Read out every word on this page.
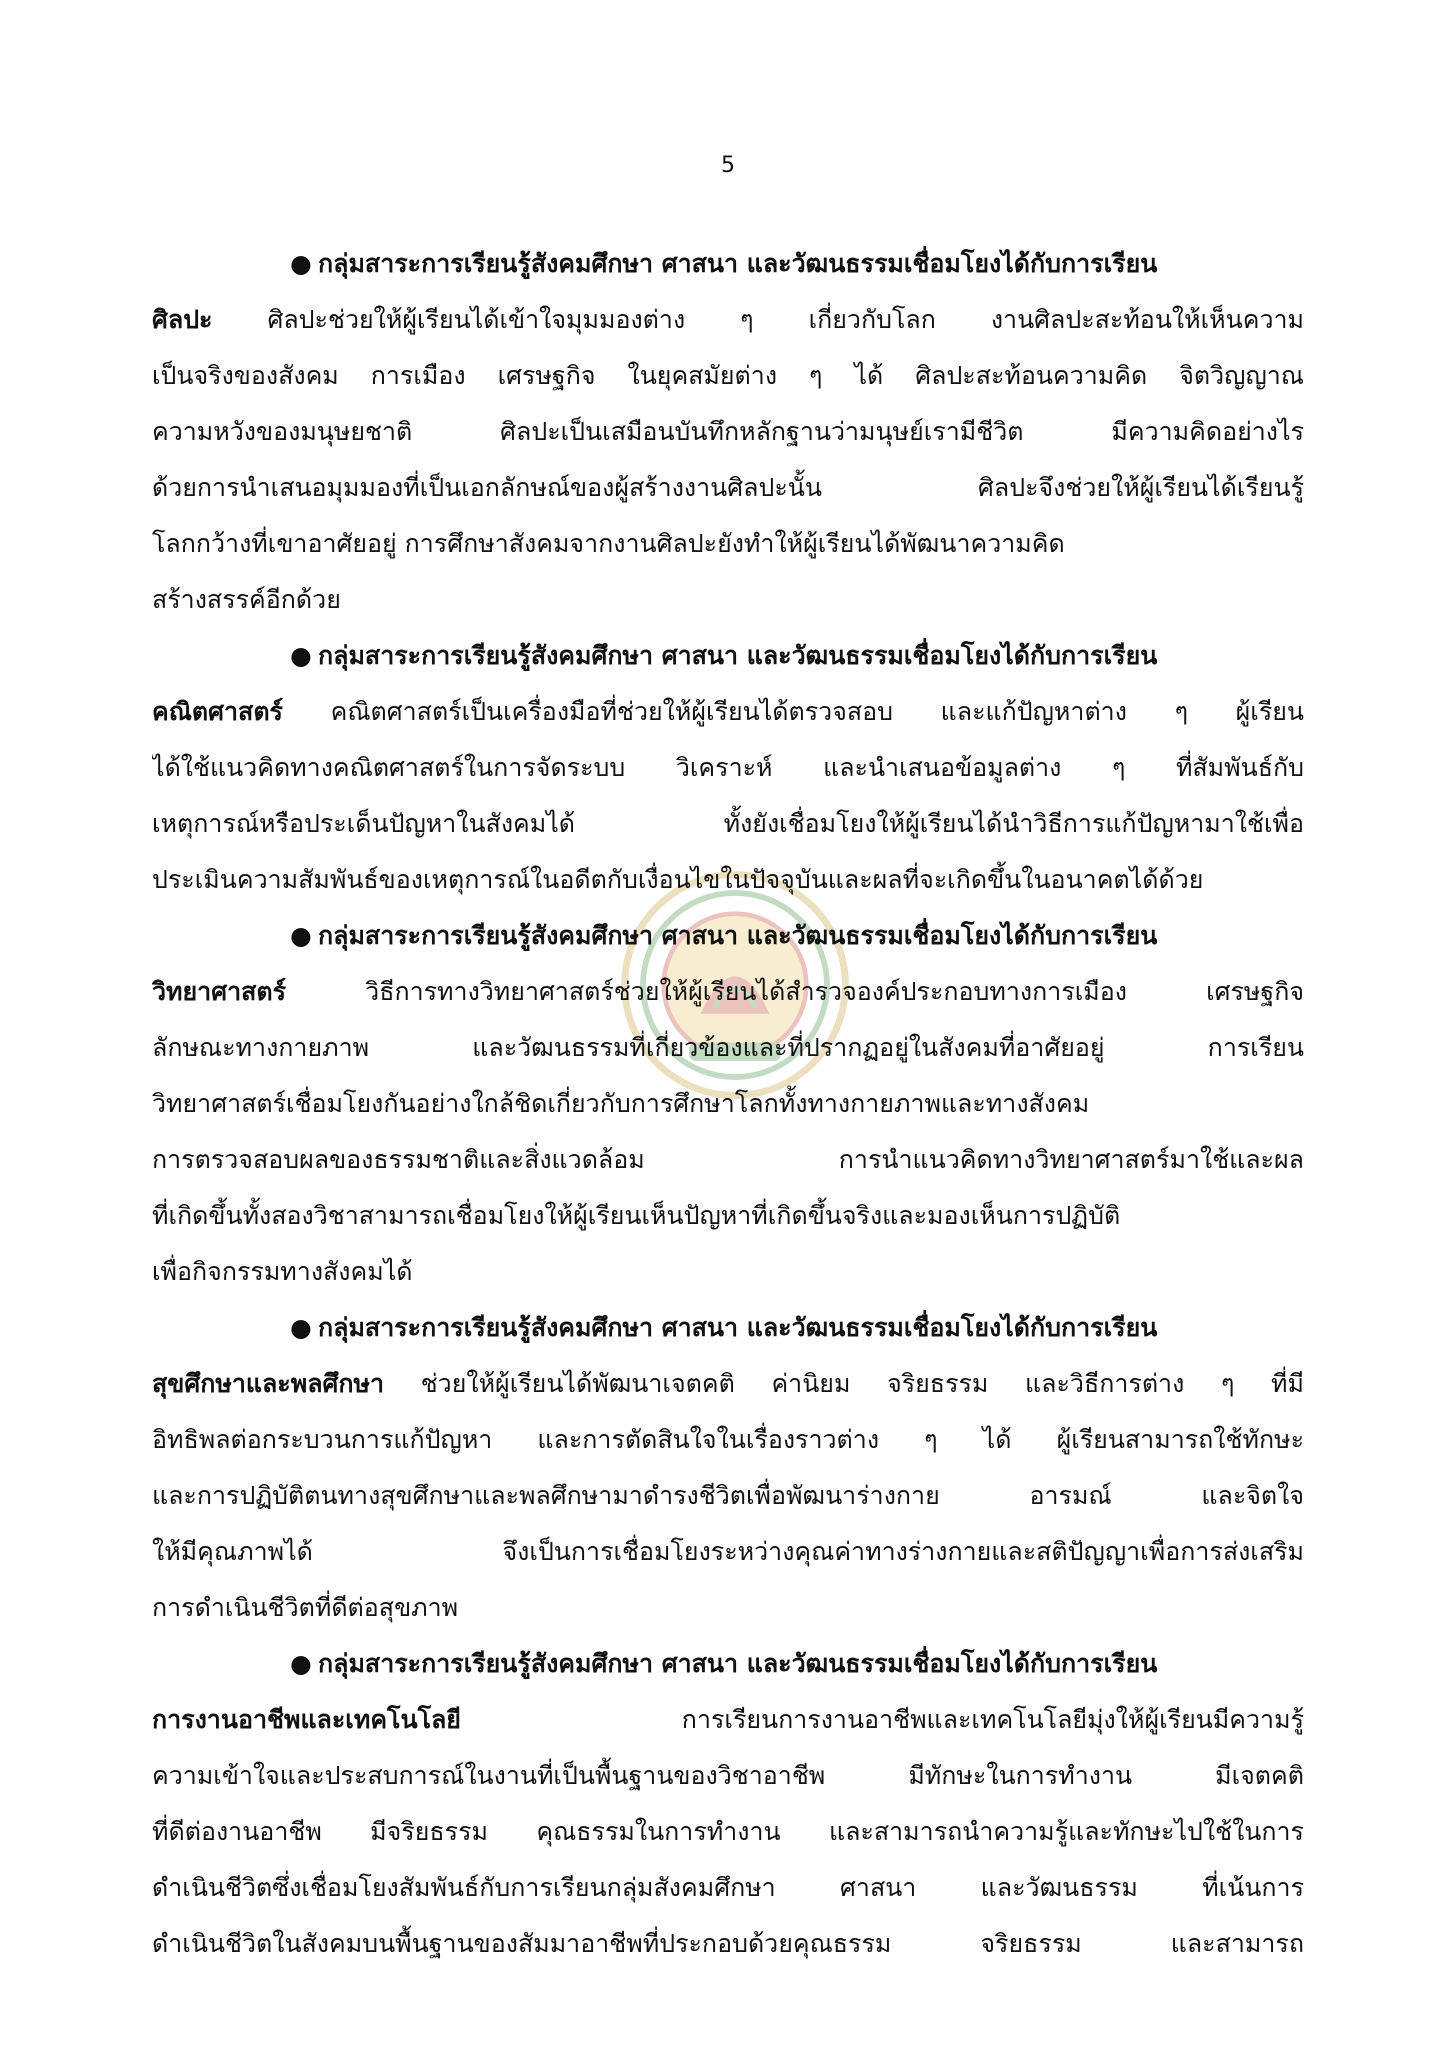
5
● กลุ่มสาระการเรียนรู้สังคมศึกษา ศาสนา และวัฒนธรรมเชื่อมโยงได้กับการเรียน
ศิลปะ ศิลปะช่วยให้ผู้เรียนได้เข้าใจมุมมองต่าง ๆ เกี่ยวกับโลก งานศิลปะสะท้อนให้เห็นความ
เป็นจริงของสังคม การเมือง เศรษฐกิจ ในยุคสมัยต่าง ๆ ได้ ศิลปะสะท้อนความคิด จิตวิญญาณ
ความหวังของมนุษยชาติ ศิลปะเป็นเสมือนบันทึกหลักฐานว่ามนุษย์เรามีชีวิต มีความคิดอย่างไร
ด้วยการนำเสนอมุมมองที่เป็นเอกลักษณ์ของผู้สร้างงานศิลปะนั้น ศิลปะจึงช่วยให้ผู้เรียนได้เรียนรู้
โลกกว้างที่เขาอาศัยอยู่ การศึกษาสังคมจากงานศิลปะยังทำให้ผู้เรียนได้พัฒนาความคิด
สร้างสรรค์อีกด้วย
● กลุ่มสาระการเรียนรู้สังคมศึกษา ศาสนา และวัฒนธรรมเชื่อมโยงได้กับการเรียน
คณิตศาสตร์ คณิตศาสตร์เป็นเครื่องมือที่ช่วยให้ผู้เรียนได้ตรวจสอบ และแก้ปัญหาต่าง ๆ ผู้เรียน
ได้ใช้แนวคิดทางคณิตศาสตร์ในการจัดระบบ วิเคราะห์ และนำเสนอข้อมูลต่าง ๆ ที่สัมพันธ์กับ
เหตุการณ์หรือประเด็นปัญหาในสังคมได้ ทั้งยังเชื่อมโยงให้ผู้เรียนได้นำวิธีการแก้ปัญหามาใช้เพื่อ
ประเมินความสัมพันธ์ของเหตุการณ์ในอดีตกับเงื่อนไขในปัจจุบันและผลที่จะเกิดขึ้นในอนาคตได้ด้วย
● กลุ่มสาระการเรียนรู้สังคมศึกษา ศาสนา และวัฒนธรรมเชื่อมโยงได้กับการเรียน
วิทยาศาสตร์ วิธีการทางวิทยาศาสตร์ช่วยให้ผู้เรียนได้สำรวจองค์ประกอบทางการเมือง เศรษฐกิจ
ลักษณะทางกายภาพ และวัฒนธรรมที่เกี่ยวข้องและที่ปรากฏอยู่ในสังคมที่อาศัยอยู่ การเรียน
วิทยาศาสตร์เชื่อมโยงกันอย่างใกล้ชิดเกี่ยวกับการศึกษาโลกทั้งทางกายภาพและทางสังคม
การตรวจสอบผลของธรรมชาติและสิ่งแวดล้อม การนำแนวคิดทางวิทยาศาสตร์มาใช้และผล
ที่เกิดขึ้นทั้งสองวิชาสามารถเชื่อมโยงให้ผู้เรียนเห็นปัญหาที่เกิดขึ้นจริงและมองเห็นการปฏิบัติ
เพื่อกิจกรรมทางสังคมได้
● กลุ่มสาระการเรียนรู้สังคมศึกษา ศาสนา และวัฒนธรรมเชื่อมโยงได้กับการเรียน
สุขศึกษาและพลศึกษา ช่วยให้ผู้เรียนได้พัฒนาเจตคติ ค่านิยม จริยธรรม และวิธีการต่าง ๆ ที่มี
อิทธิพลต่อกระบวนการแก้ปัญหา และการตัดสินใจในเรื่องราวต่าง ๆ ได้ ผู้เรียนสามารถใช้ทักษะ
และการปฏิบัติตนทางสุขศึกษาและพลศึกษามาดำรงชีวิตเพื่อพัฒนาร่างกาย อารมณ์ และจิตใจ
ให้มีคุณภาพได้ จึงเป็นการเชื่อมโยงระหว่างคุณค่าทางร่างกายและสติปัญญาเพื่อการส่งเสริม
การดำเนินชีวิตที่ดีต่อสุขภาพ
● กลุ่มสาระการเรียนรู้สังคมศึกษา ศาสนา และวัฒนธรรมเชื่อมโยงได้กับการเรียน
การงานอาชีพและเทคโนโลยี การเรียนการงานอาชีพและเทคโนโลยีมุ่งให้ผู้เรียนมีความรู้
ความเข้าใจและประสบการณ์ในงานที่เป็นพื้นฐานของวิชาอาชีพ มีทักษะในการทำงาน มีเจตคติ
ที่ดีต่องานอาชีพ มีจริยธรรม คุณธรรมในการทำงาน และสามารถนำความรู้และทักษะไปใช้ในการ
ดำเนินชีวิตซึ่งเชื่อมโยงสัมพันธ์กับการเรียนกลุ่มสังคมศึกษา ศาสนา และวัฒนธรรม ที่เน้นการ
ดำเนินชีวิตในสังคมบนพื้นฐานของสัมมาอาชีพที่ประกอบด้วยคุณธรรม จริยธรรม และสามารถ
